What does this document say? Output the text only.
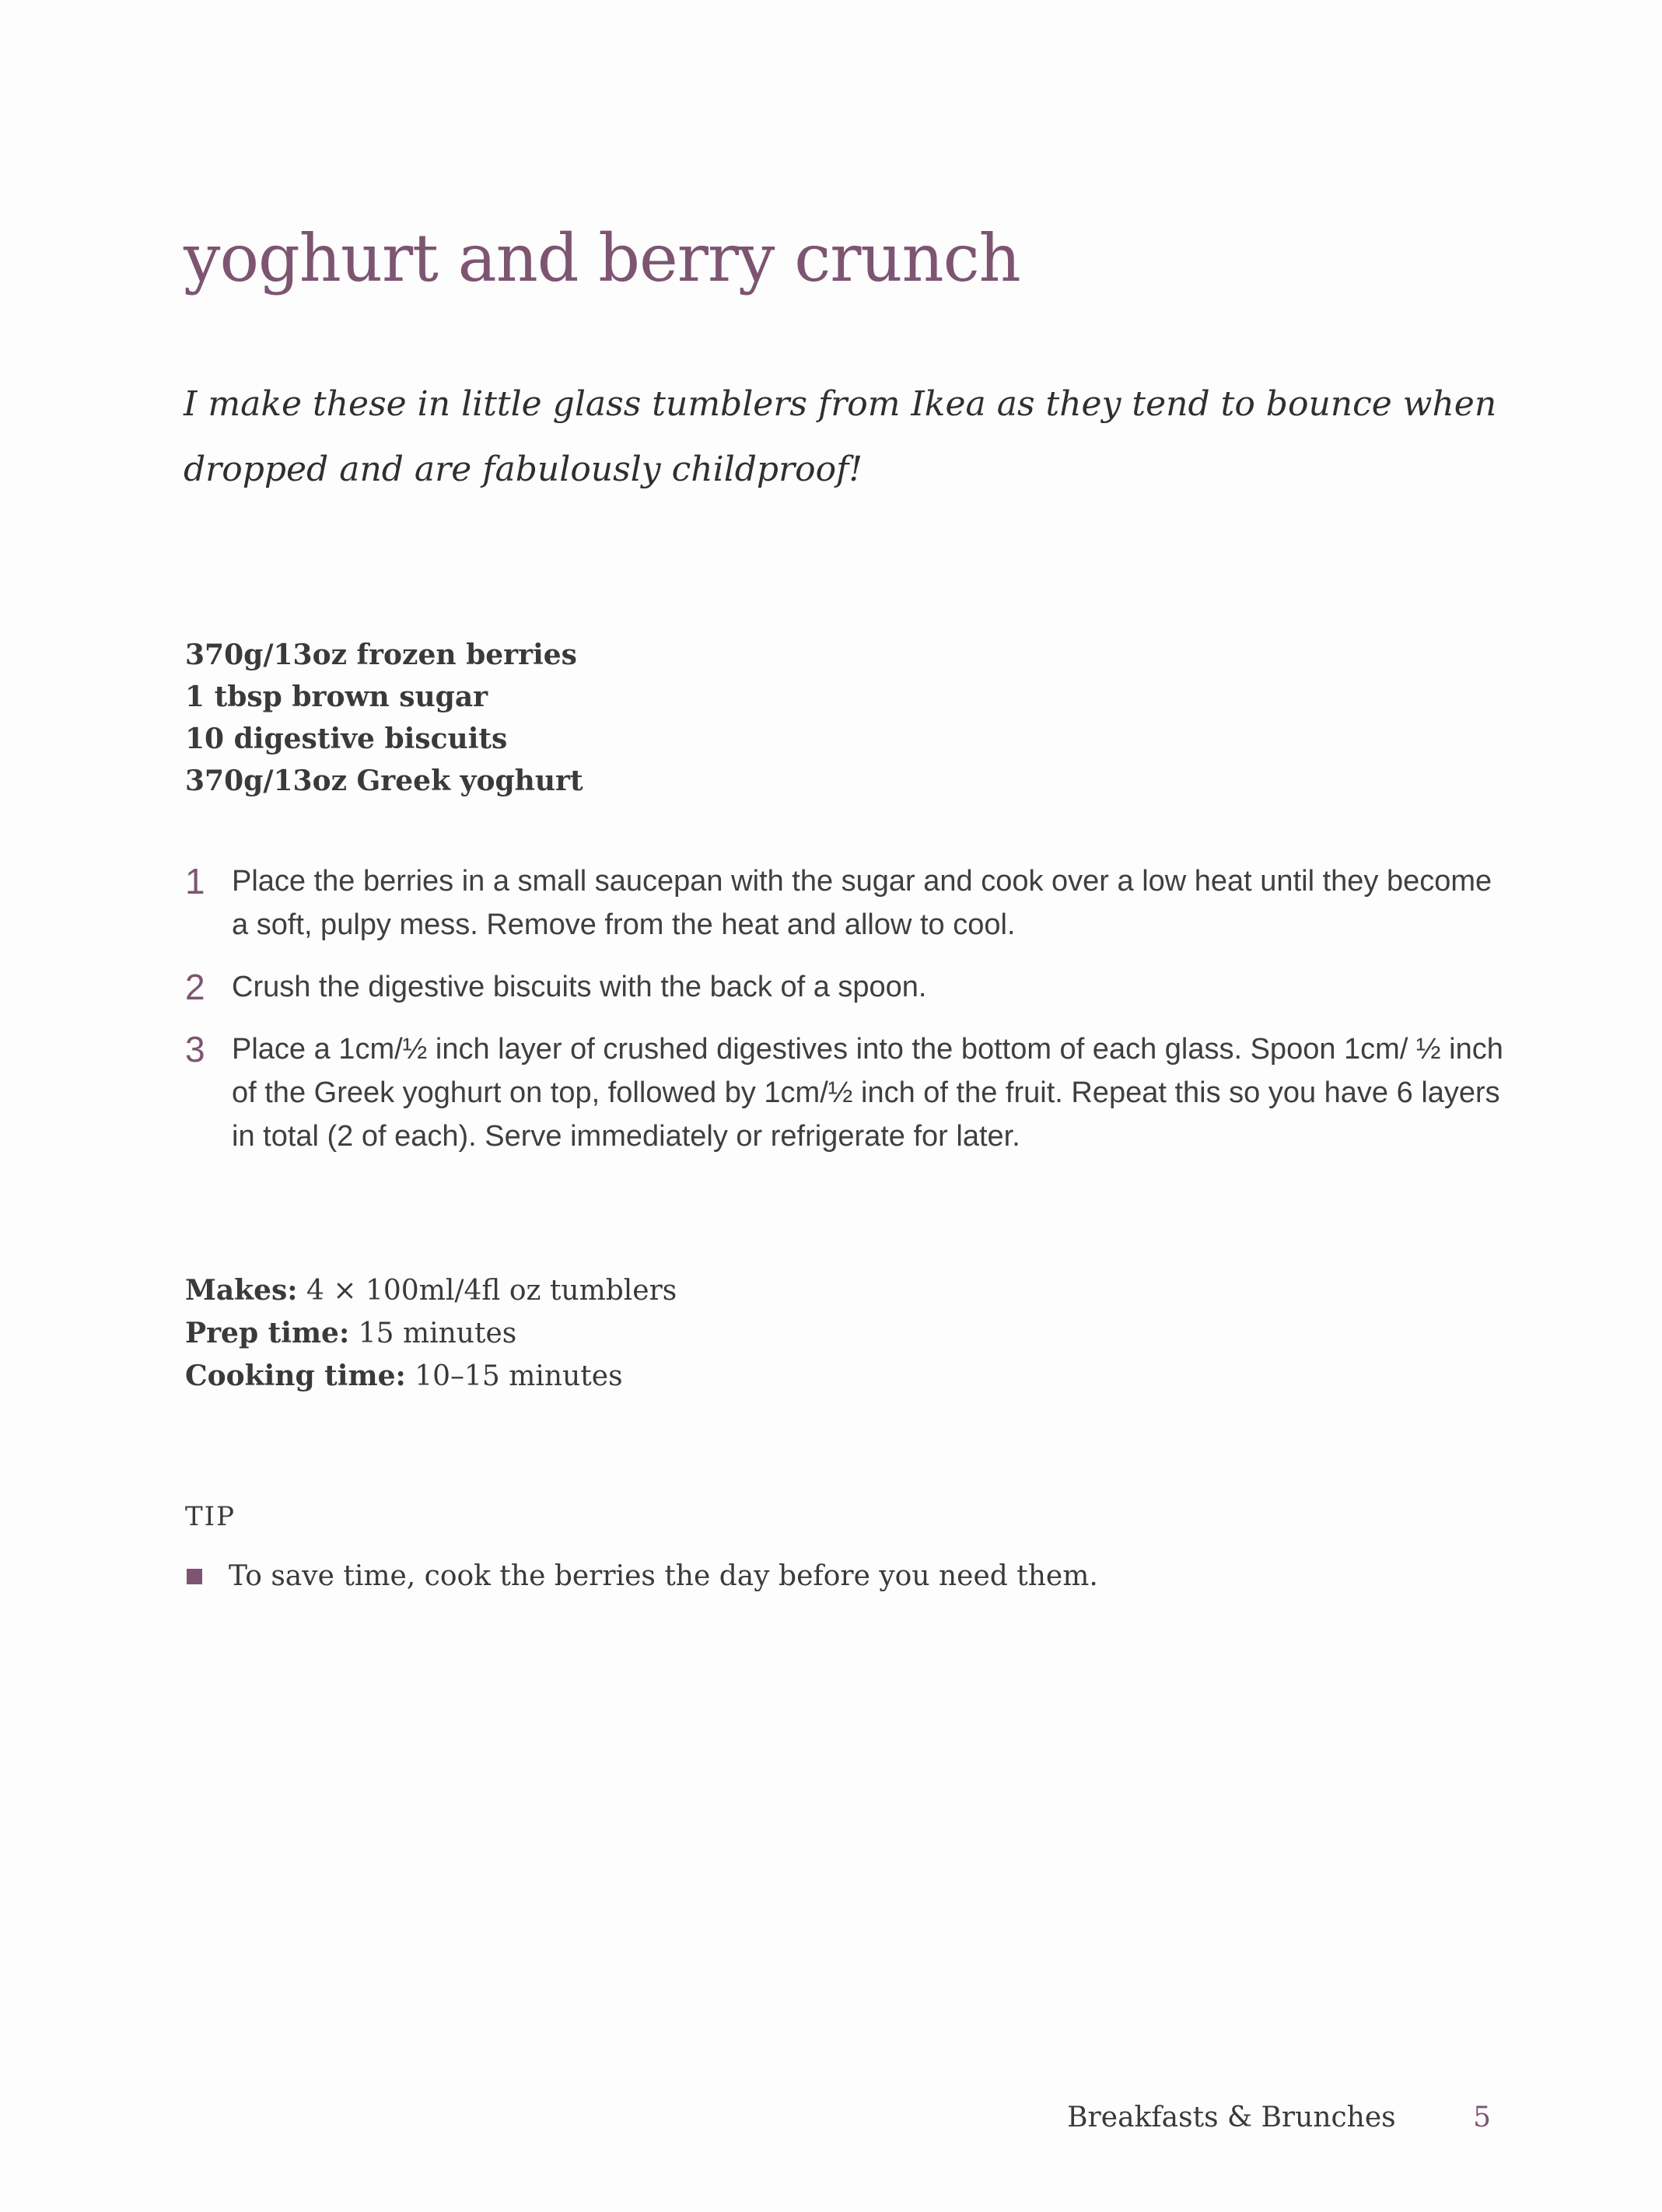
yoghurt and berry crunch

I make these in little glass tumblers from Ikea as they tend to bounce when dropped and are fabulously childproof!

370g/13oz frozen berries
1 tbsp brown sugar
10 digestive biscuits
370g/13oz Greek yoghurt
1 Place the berries in a small saucepan with the sugar and cook over a low heat until they become a soft, pulpy mess. Remove from the heat and allow to cool.
2 Crush the digestive biscuits with the back of a spoon.
3 Place a 1cm/½ inch layer of crushed digestives into the bottom of each glass. Spoon 1cm/ ½ inch of the Greek yoghurt on top, followed by 1cm/½ inch of the fruit. Repeat this so you have 6 layers in total (2 of each). Serve immediately or refrigerate for later.
Makes: 4 × 100ml/4fl oz tumblers
Prep time: 15 minutes
Cooking time: 10–15 minutes
TIP
To save time, cook the berries the day before you need them.
Breakfasts & Brunches	5
